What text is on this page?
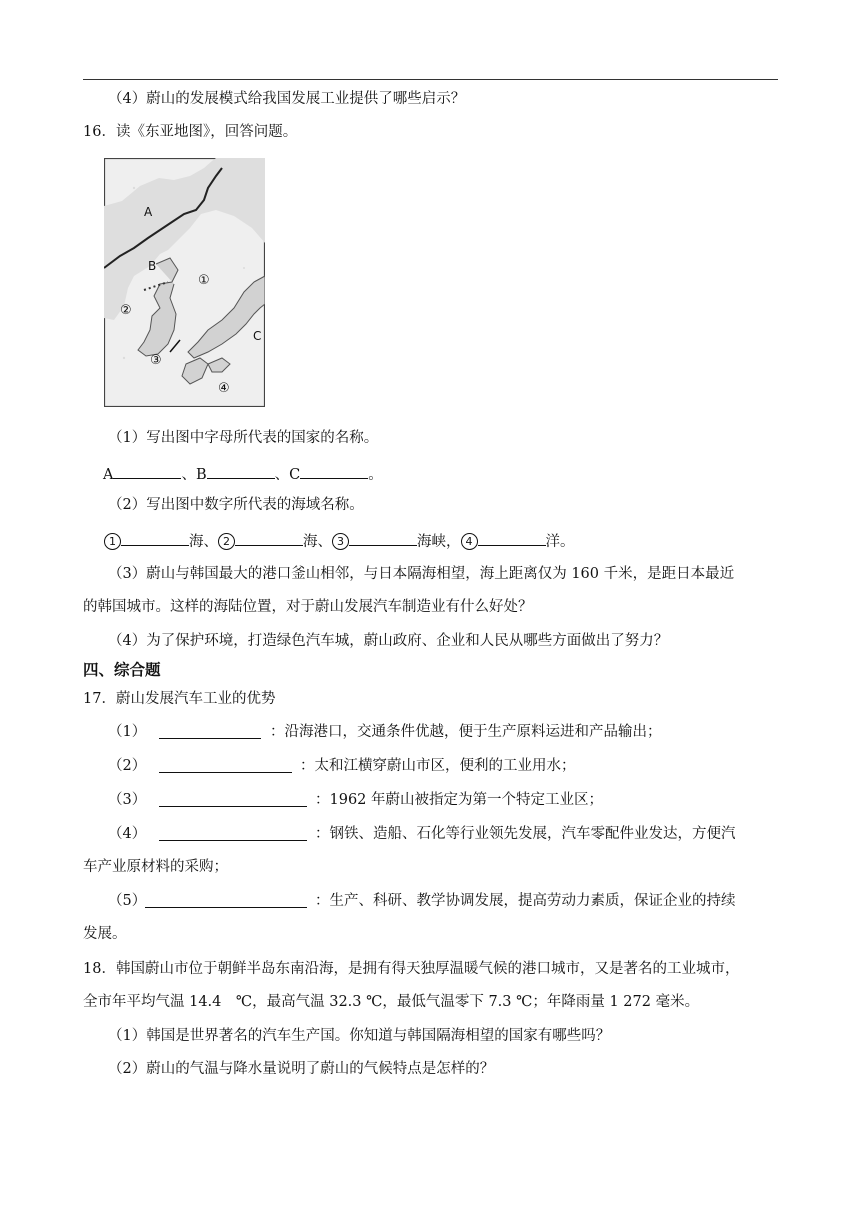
（4）蔚山的发展模式给我国发展工业提供了哪些启示？
16．读《东亚地图》，回答问题。
A
B
C
①
②
③
④
（1）写出图中字母所代表的国家的名称。
A	、B	、C	。
（2）写出图中数字所代表的海域名称。
1	海、 2	海、 3	海峡， 4	洋。
（3）蔚山与韩国最大的港口釜山相邻，与日本隔海相望，海上距离仅为 160 千米，是距日本最近
的韩国城市。这样的海陆位置，对于蔚山发展汽车制造业有什么好处？
（4）为了保护环境，打造绿色汽车城，蔚山政府、企业和人民从哪些方面做出了努力？
四、综合题
17．蔚山发展汽车工业的优势
（1）	：沿海港口，交通条件优越，便于生产原料运进和产品输出；
（2）	：太和江横穿蔚山市区，便利的工业用水；
（3）	：1962 年蔚山被指定为第一个特定工业区；
（4）	：钢铁、造船、石化等行业领先发展，汽车零配件业发达，方便汽
车产业原材料的采购；
（5）	：生产、科研、教学协调发展，提高劳动力素质，保证企业的持续
发展。
18．韩国蔚山市位于朝鲜半岛东南沿海，是拥有得天独厚温暖气候的港口城市，又是著名的工业城市，
全市年平均气温 14.4　℃，最高气温 32.3 ℃，最低气温零下 7.3 ℃；年降雨量 1 272 毫米。
（1）韩国是世界著名的汽车生产国。你知道与韩国隔海相望的国家有哪些吗？
（2）蔚山的气温与降水量说明了蔚山的气候特点是怎样的？
